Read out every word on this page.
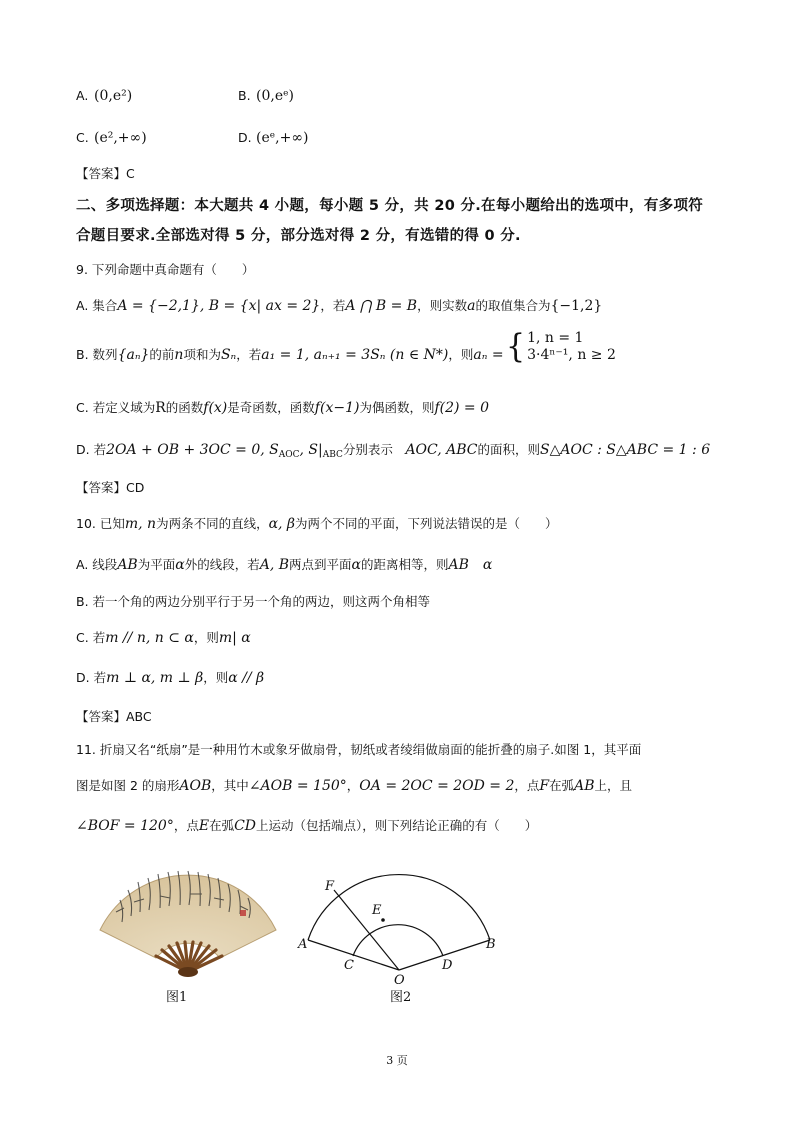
A. (0,e²)	B. (0,eᵉ)
C. (e²,+∞)	D. (eᵉ,+∞)
【答案】C
二、多项选择题：本大题共 4 小题，每小题 5 分，共 20 分.在每小题给出的选项中，有多项符
合题目要求.全部选对得 5 分，部分选对得 2 分，有选错的得 0 分.
9. 下列命题中真命题有（　　）
A. 集合A = {−2,1}, B = {x| ax = 2}，若A ⋂ B = B，则实数a的取值集合为{−1,2}
B. 数列{aₙ}的前n项和为Sₙ，若a₁ = 1, aₙ₊₁ = 3Sₙ (n ∈ N*)，则aₙ = { 1, n = 1
3·4ⁿ⁻¹, n ≥ 2
C. 若定义域为R的函数f(x)是奇函数，函数f(x−1)为偶函数，则f(2) = 0
D. 若2OA + OB + 3OC = 0, $S_{AOC}$, $S|_{ABC}$分别表示　AOC, ABC的面积，则S△AOC : S△ABC = 1 : 6
【答案】CD
10. 已知m, n为两条不同的直线，α, β为两个不同的平面，下列说法错误的是（　　）
A. 线段AB为平面α外的线段，若A, B两点到平面α的距离相等，则AB　α
B. 若一个角的两边分别平行于另一个角的两边，则这两个角相等
C. 若m // n, n ⊂ α，则m| α
D. 若m ⊥ α, m ⊥ β，则α // β
【答案】ABC
11. 折扇又名“纸扇”是一种用竹木或象牙做扇骨，韧纸或者绫绢做扇面的能折叠的扇子.如图 1，其平面
图是如图 2 的扇形AOB，其中∠AOB = 150°，OA = 2OC = 2OD = 2，点F在弧AB上，且
∠BOF = 120°，点E在弧CD上运动（包括端点），则下列结论正确的有（　　）
图1
F
E
A
C
O
D
B
图2
3 页
